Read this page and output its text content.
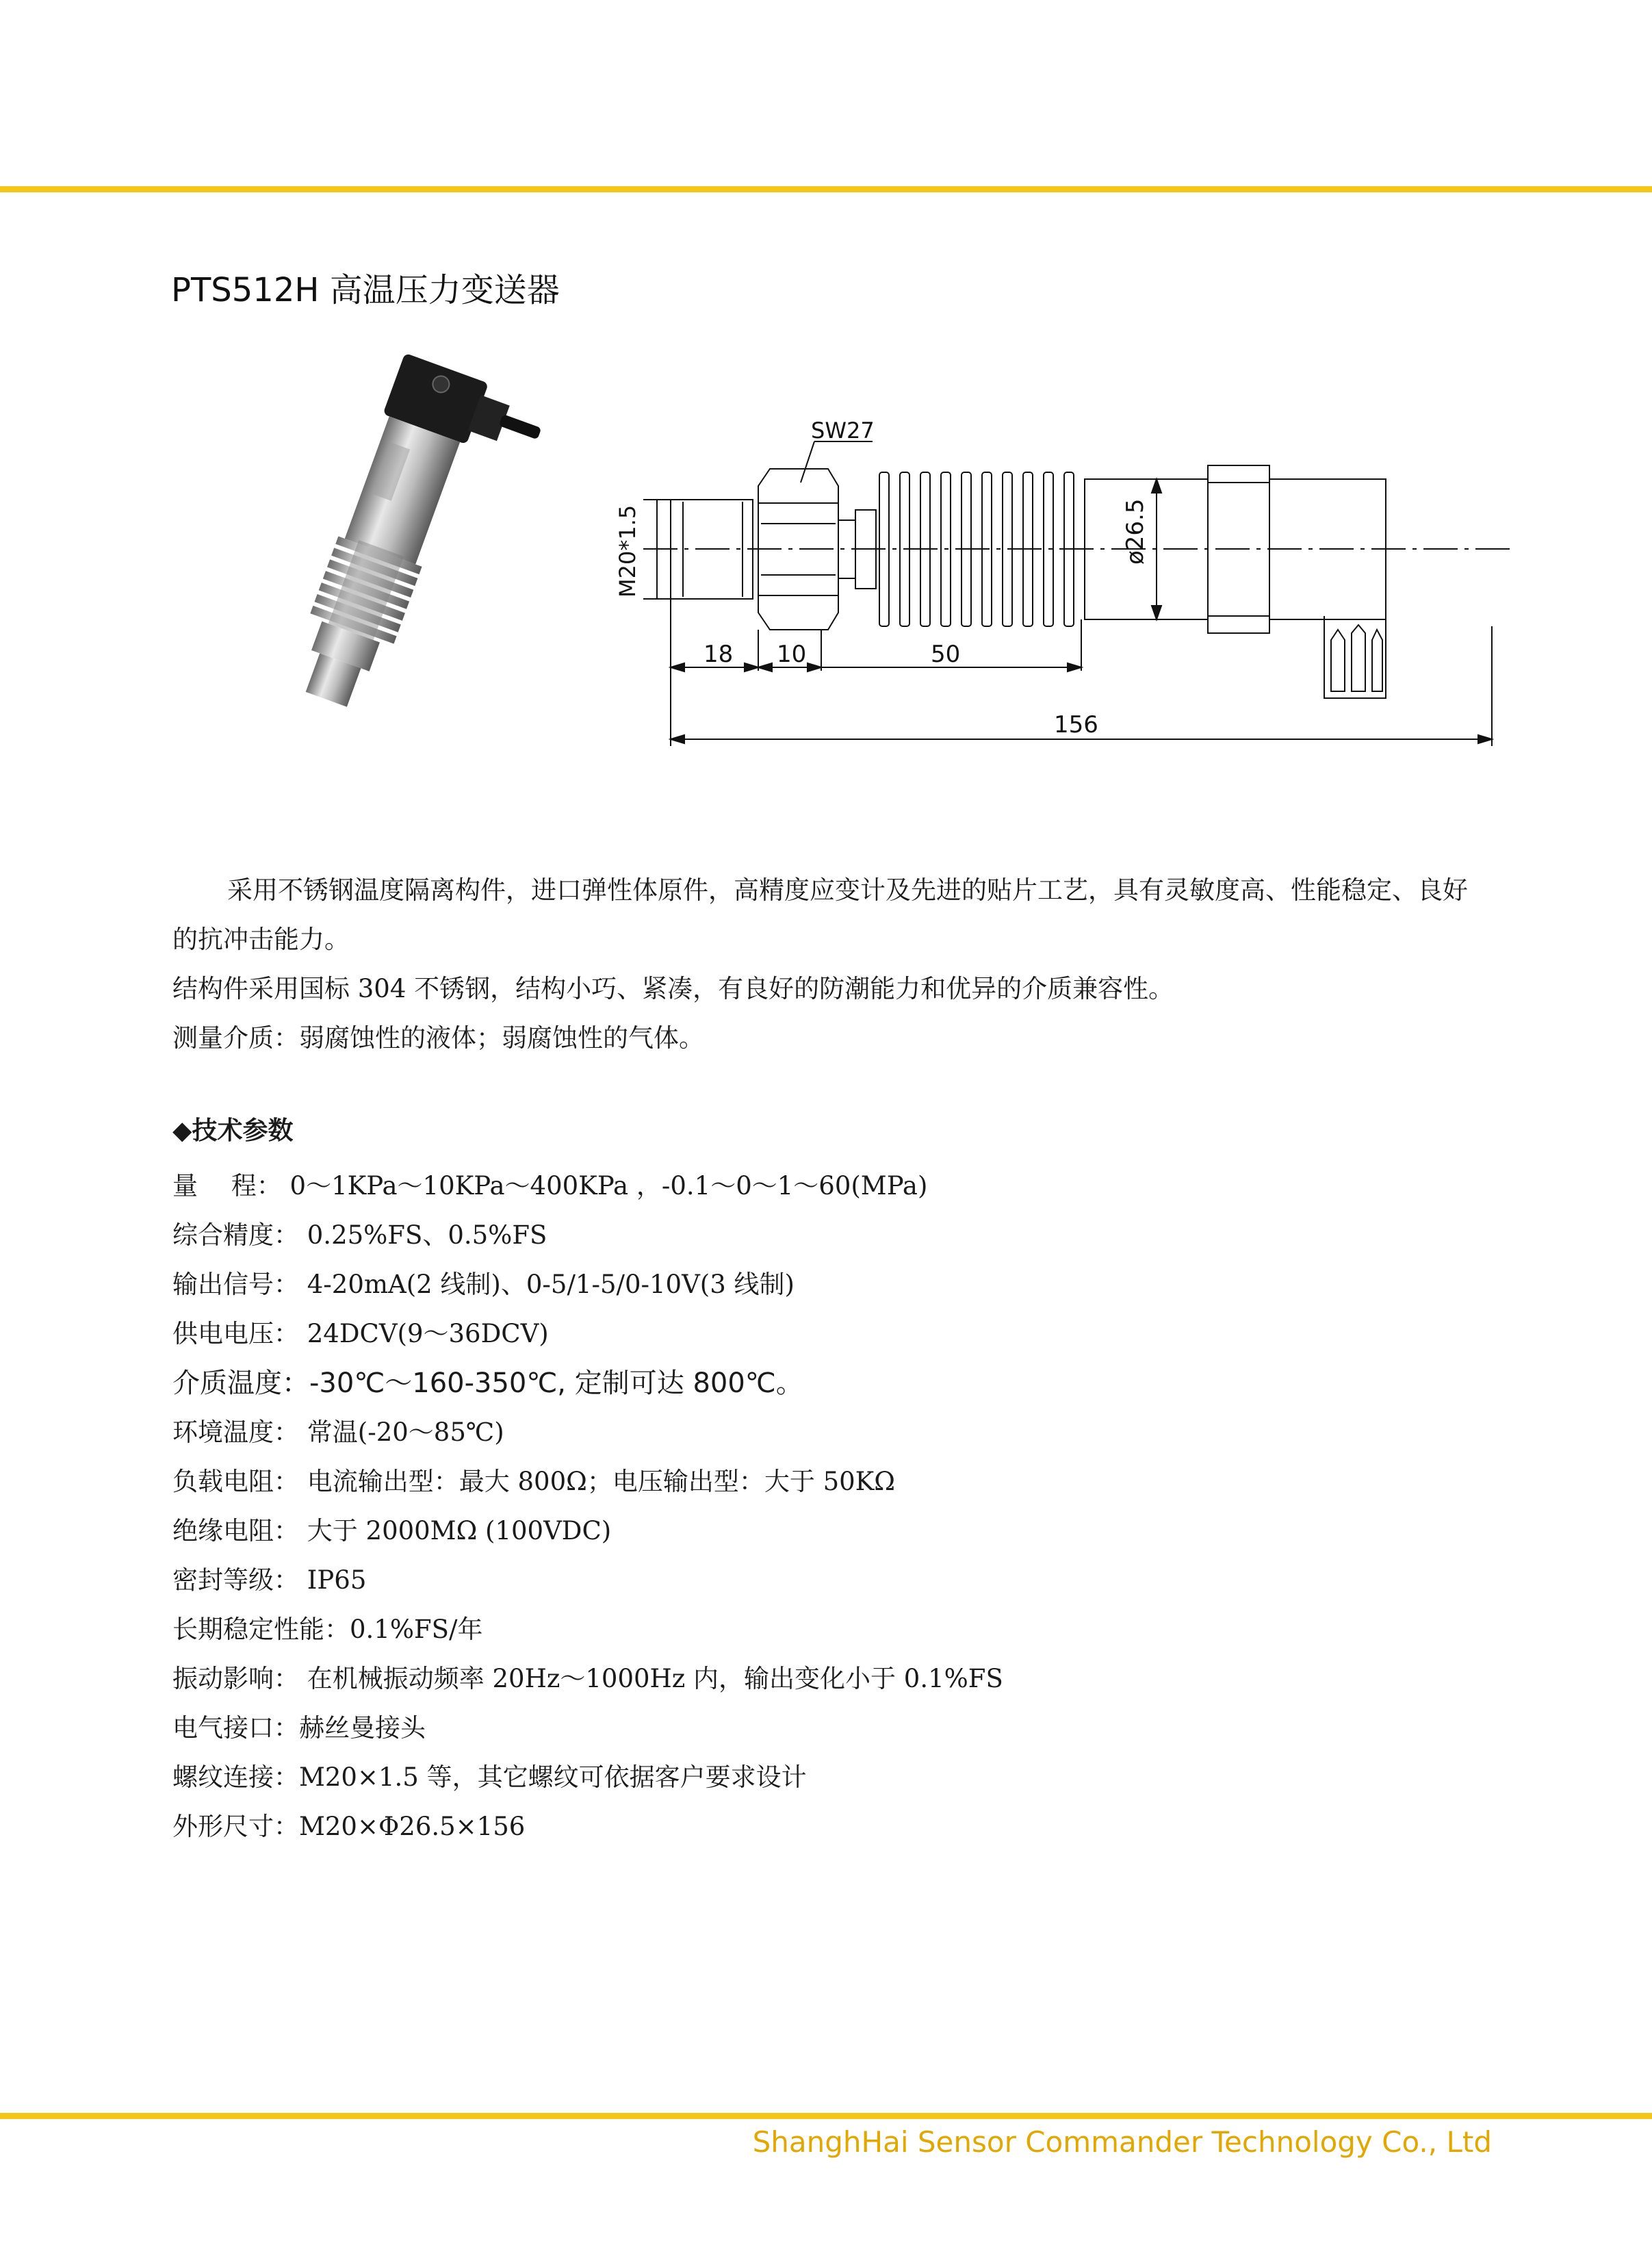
PTS512H 高温压力变送器
ø26.5
M20*1.5
SW27
18 10	50
156

采用不锈钢温度隔离构件，进口弹性体原件，高精度应变计及先进的贴片工艺，具有灵敏度高、性能稳定、良好的抗冲击能力。

结构件采用国标 304 不锈钢，结构小巧、紧凑，有良好的防潮能力和优异的介质兼容性。

测量介质：弱腐蚀性的液体；弱腐蚀性的气体。

◆技术参数
量　 程： 0～1KPa～10KPa～400KPa ，-0.1～0～1～60(MPa)
综合精度： 0.25%FS、0.5%FS
输出信号： 4-20mA(2 线制)、0-5/1-5/0-10V(3 线制)
供电电压： 24DCV(9～36DCV)
介质温度：-30℃～160-350℃, 定制可达 800℃。
环境温度： 常温(-20～85℃)
负载电阻： 电流输出型：最大 800Ω；电压输出型：大于 50KΩ
绝缘电阻： 大于 2000MΩ (100VDC)
密封等级： IP65
长期稳定性能：0.1%FS/年
振动影响： 在机械振动频率 20Hz～1000Hz 内，输出变化小于 0.1%FS
电气接口：赫丝曼接头
螺纹连接：M20×1.5 等，其它螺纹可依据客户要求设计
外形尺寸：M20×Φ26.5×156
ShanghHai Sensor Commander Technology Co., Ltd
